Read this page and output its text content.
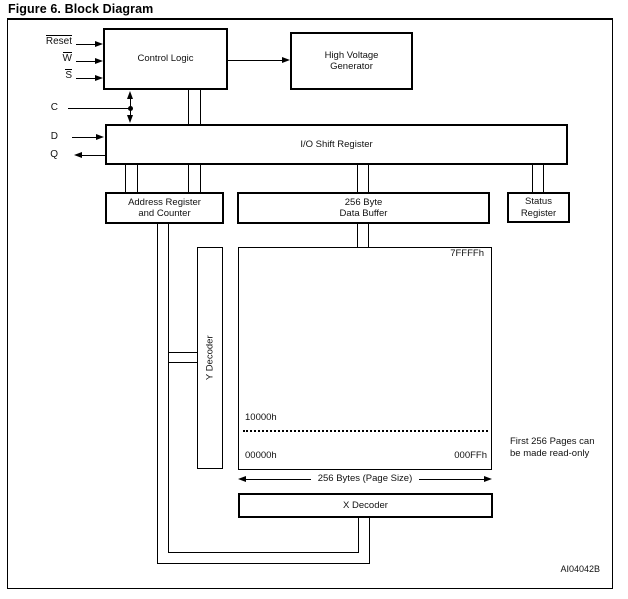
Figure 6. Block Diagram
Control Logic	High Voltage
Generator
I/O Shift Register
Address Register
and Counter
256 Byte
Data Buffer
Status
Register
Y Decoder
X Decoder
7FFFFh
10000h
00000h	000FFh
First 256 Pages can
be made read-only
256 Bytes (Page Size)
Reset
W
S
C
D
Q
AI04042B
